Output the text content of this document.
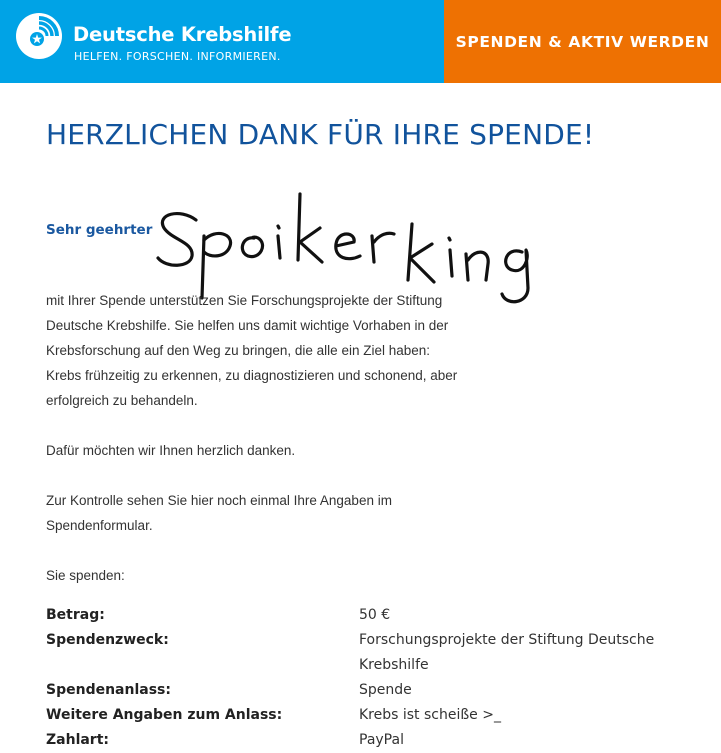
Deutsche Krebshilfe
HELFEN. FORSCHEN. INFORMIEREN.
SPENDEN & AKTIV WERDEN
HERZLICHEN DANK FÜR IHRE SPENDE!
Sehr geehrter

mit Ihrer Spende unterstützen Sie Forschungsprojekte der Stiftung Deutsche Krebshilfe. Sie helfen uns damit wichtige Vorhaben in der Krebsforschung auf den Weg zu bringen, die alle ein Ziel haben: Krebs frühzeitig zu erkennen, zu diagnostizieren und schonend, aber erfolgreich zu behandeln.

Dafür möchten wir Ihnen herzlich danken.

Zur Kontrolle sehen Sie hier noch einmal Ihre Angaben im Spendenformular.

Sie spenden:

Betrag:	50 €
Spendenzweck:	Forschungsprojekte der Stiftung Deutsche Krebshilfe
Spendenanlass:	Spende
Weitere Angaben zum Anlass:	Krebs ist scheiße >_
Zahlart:	PayPal
